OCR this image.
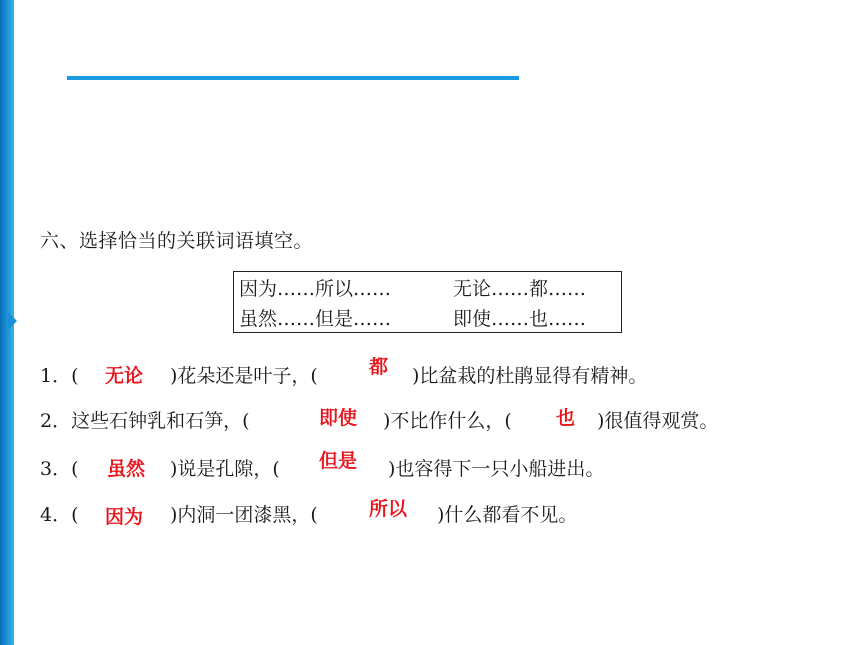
六、选择恰当的关联词语填空。
因为……所以……	无论……都……
虽然……但是……	即使……也……
1．(	)花朵还是叶子，(	)比盆栽的杜鹃显得有精神。
无论	都
2．这些石钟乳和石笋，(	)不比作什么，(	)很值得观赏。
即使	也
3．(	)说是孔隙，(	)也容得下一只小船进出。
虽然	但是
4．(	)内洞一团漆黑，(	)什么都看不见。
因为	所以
